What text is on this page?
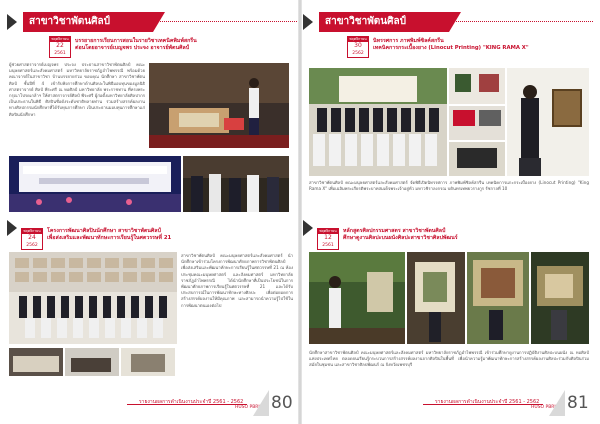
สาขาวิชาพัตนศิลป์
พฤศจิกายน
22
2561
บรรยายการเรียนการสอนในรายวิชาเทคนิคพิมพ์สกรีน
ต่อนโดยอาจารย์เบญจพร ประจง อาจารย์พัตนศิลป์
ผู้ช่วยศาสตราจารย์เบญจพร ประจง ประธานสาขาวิชาพัตนศิลป์ คณะมนุษยศาสตร์และสังคมศาสตร์ มหาวิทยาลัยราชภัฏอำไพพรรณี พร้อมด้วยคณาจารย์ในสาขาวิชา บ้านบรรยายร่วม ขอบคุณ นักศึกษา สาขาวิชาพัตนศิลป์ ชั้นปีที่ 4 เข้ารับฟังการศึกษาด้านศิลปะในพิธีมอบทุนของมูลนิธิศาสตราจารย์ ศิลป์ พีระศรี ณ หอศิลป์ มหาวิทยาลัย พระราชทาน ที่ทรงพระกรุณาโปรดเกล้าฯ ให้ศาสตราจารย์ศิลป์ พีระศรี ผู้ก่อตั้งมหาวิทยาลัยศิลปากร เป็นประธานในพิธี ศิลปินชื่อดังระดับชาติหลายท่าน ร่วมสร้างสรรค์ผลงานทางศิลปกรรมนักศึกษาที่ได้รับทุนการศึกษา เป็นประธานมอบทุนการศึกษาแก่ศิลปินนักศึกษา
พฤศจิกายน
24
2562
โครงการพัฒนาศิลปินนักศึกษา สาขาวิชาพัตนศิลป์
เพื่อส่งเสริมและพัฒนาทักษะการเรียนรู้ในศตวรรษที่ 21
สาขาวิชาพัตนศิลป์ คณะมนุษยศาสตร์และสังคมศาสตร์ นำนักศึกษาเข้าร่วมโครงการพัฒนาศักยภาพการวิชาพัตนศิลป์ เพื่อส่งเสริมและพัฒนาทักษะการเรียนรู้ในศตวรรษที่ 21 ณ ห้องประชุมคณะมนุษยศาสตร์ และสังคมศาสตร์ มหาวิทยาลัยราชภัฏอำไพพรรณี ได้นำนักศึกษาที่เป็นประโยชน์ในการพัฒนาศักยภาพการเรียนรู้ในศตวรรษที่ 21 และได้รับประสบการณ์ในการพัฒนาทักษะทางศิลปะ เพื่อต่อยอดการสร้างสรรค์ผลงานให้มีคุณภาพ และสามารถนำความรู้ไปใช้ในการพัฒนาตนเองต่อไป
รายงานผลการดำเนินงานประจำปี 2561 - 2562
HUSO PBRU 80
สาขาวิชาพัตนศิลป์
พฤศจิกายน
30
2562
นิทรรศการ ภาพพิมพ์ซิลค์สกรีน
เทคนิคการกระเบื้องยาง (Linocut Printing) "KING RAMA X"
สาขาวิชาพัตนศิลป์ คณะมนุษยศาสตร์และสังคมศาสตร์ จัดพิธีเปิดนิทรรศการ ภาพพิมพ์ซิลค์สกรีน เทคนิคการแกะกระเบื้องยาง (Linocut Printing) "King Rama X" เพื่อเฉลิมพระเกียรติพระบาทสมเด็จพระเจ้าอยู่หัว มหาวชิราลงกรณ บดินทรเทพยวรางกูร รัชกาลที่ 10
พฤศจิกายน
12
2561
หลักสูตรศิลปกรรมศาสตร สาขาวิชาพัตนศิลป์
ศึกษาดูงานศิลปะบนผนังศิลปะสาขาวิชาศิลปพัฒนร์
นักศึกษาสาขาวิชาพัตนศิลป์ คณะมนุษยศาสตร์และสังคมศาสตร์ มหาวิทยาลัยราชภัฏอำไพพรรณี เข้าร่วมศึกษาดูงานการปฏิบัติงานศิลปะบนผนัง ณ หอศิลป์แห่งประเทศไทย ตลอดจนเรียนรู้กระบวนการสร้างสรรค์ผลงานจากศิลปินในพื้นที่ เพื่อนำความรู้มาพัฒนาทักษะการสร้างสรรค์ผลงานศิลปะร่วมกับศิลปินร่วมสมัยในชุมชน และสาขาวิชาศิลปพัฒนร์ ณ จังหวัดเพชรบุรี
รายงานผลการดำเนินงานประจำปี 2561 - 2562
HUSO PBRU 81
